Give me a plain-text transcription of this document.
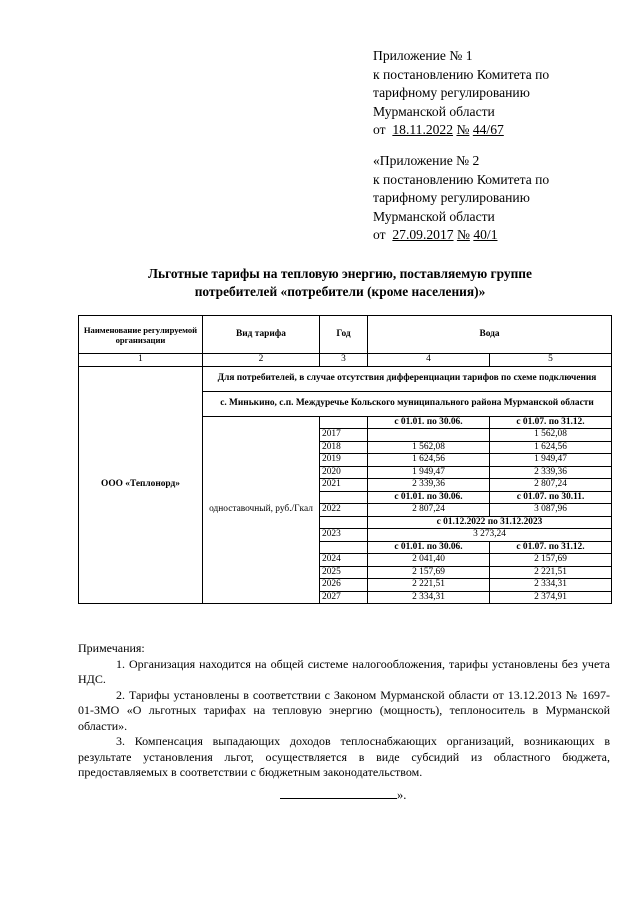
Приложение № 1
к постановлению Комитета по
тарифному регулированию
Мурманской области
от 18.11.2022 № 44/67
«Приложение № 2
к постановлению Комитета по
тарифному регулированию
Мурманской области
от 27.09.2017 № 40/1
Льготные тарифы на тепловую энергию, поставляемую группе
потребителей «потребители (кроме населения)»
Наименование регулируемой организации	Вид тарифа	Год	Вода	
1	2	3	4	5
ООО «Теплонорд»	Для потребителей, в случае отсутствия дифференциации тарифов по схеме подключения			
	с. Минькино, с.п. Междуречье Кольского муниципального района Мурманской области			
	одноставочный, руб./Гкал		с 01.01. по 30.06.	с 01.07. по 31.12.
		2017		1 562,08
		2018	1 562,08	1 624,56
		2019	1 624,56	1 949,47
		2020	1 949,47	2 339,36
		2021	2 339,36	2 807,24
			с 01.01. по 30.06.	с 01.07. по 30.11.
		2022	2 807,24	3 087,96
			с 01.12.2022 по 31.12.2023	
		2023	3 273,24	
			с 01.01. по 30.06.	с 01.07. по 31.12.
		2024	2 041,40	2 157,69
		2025	2 157,69	2 221,51
		2026	2 221,51	2 334,31
		2027	2 334,31	2 374,91
Примечания:
1. Организация находится на общей системе налогообложения, тарифы установлены без учета НДС.
2. Тарифы установлены в соответствии с Законом Мурманской области от 13.12.2013 № 1697-01-ЗМО «О льготных тарифах на тепловую энергию (мощность), теплоноситель в Мурманской области».
3. Компенсация выпадающих доходов теплоснабжающих организаций, возникающих в результате установления льгот, осуществляется в виде субсидий из областного бюджета, предоставляемых в соответствии с бюджетным законодательством.
».
